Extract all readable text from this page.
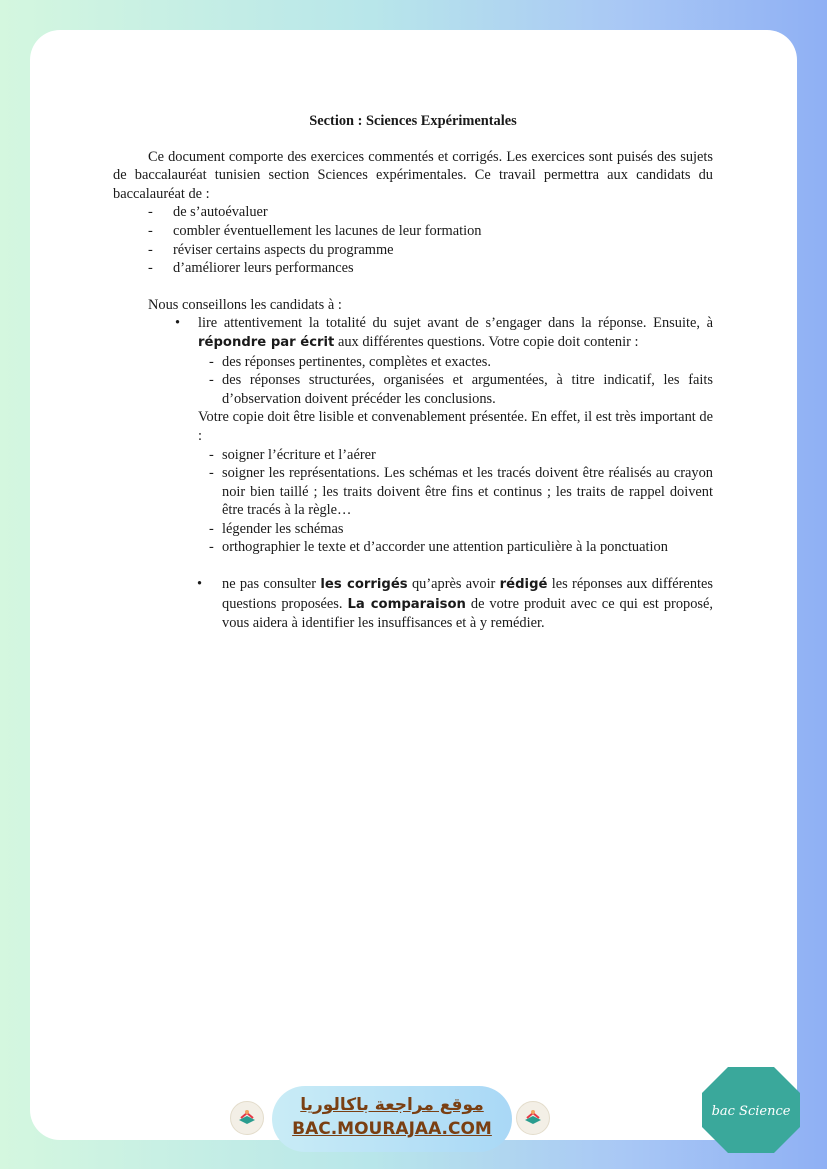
Section : Sciences Expérimentales

Ce document comporte des exercices commentés et corrigés. Les exercices sont puisés des sujets de baccalauréat tunisien section Sciences expérimentales. Ce travail permettra aux candidats du baccalauréat de :

- de s’autoévaluer
- combler éventuellement les lacunes de leur formation
- réviser certains aspects du programme
- d’améliorer leurs performances

Nous conseillons les candidats à :

• lire attentivement la totalité du sujet avant de s’engager dans la réponse. Ensuite, à répondre par écrit aux différentes questions. Votre copie doit contenir :

- des réponses pertinentes, complètes et exactes.

- des réponses structurées, organisées et argumentées, à titre indicatif, les faits d’observation doivent précéder les conclusions.

Votre copie doit être lisible et convenablement présentée. En effet, il est très important de :

- soigner l’écriture et l’aérer

- soigner les représentations. Les schémas et les tracés doivent être réalisés au crayon noir bien taillé ; les traits doivent être fins et continus ; les traits de rappel doivent être tracés à la règle…

- légender les schémas

- orthographier le texte et d’accorder une attention particulière à la ponctuation

• ne pas consulter les corrigés qu’après avoir rédigé les réponses aux différentes questions proposées. La comparaison de votre produit avec ce qui est proposé, vous aidera à identifier les insuffisances et à y remédier.

موقع مراجعة باكالوريا
BAC.MOURAJAA.COM
bac Science
